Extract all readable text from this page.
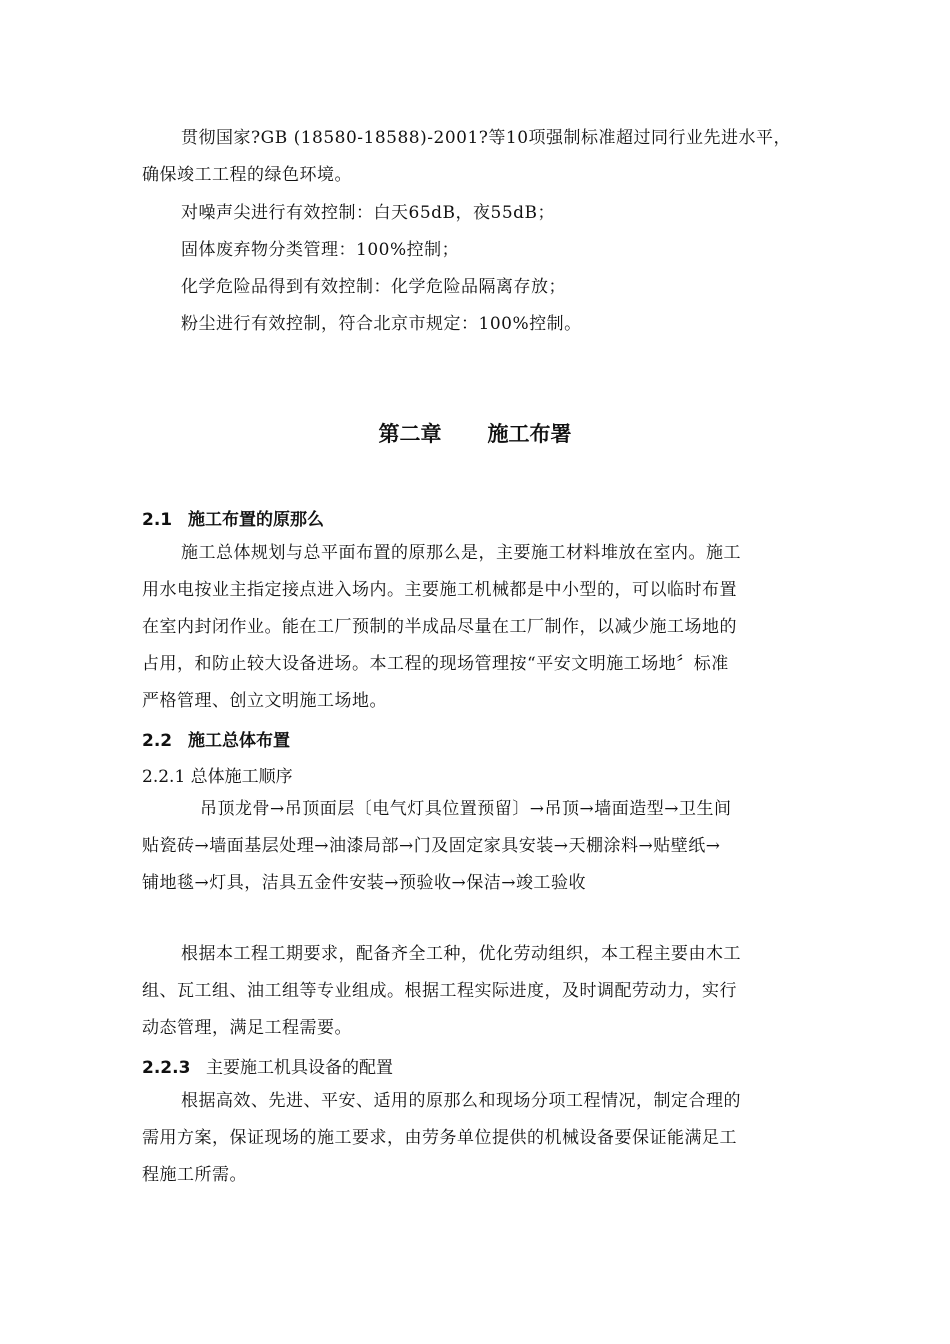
贯彻国家?GB (18580-18588)-2001?等10项强制标准超过同行业先进水平，
确保竣工工程的绿色环境。
对噪声尖进行有效控制：白天65dB，夜55dB；
固体废弃物分类管理：100%控制；
化学危险品得到有效控制：化学危险品隔离存放；
粉尘进行有效控制，符合北京市规定：100%控制。
第二章 施工布署
2.1 施工布置的原那么
施工总体规划与总平面布置的原那么是，主要施工材料堆放在室内。施工
用水电按业主指定接点进入场内。主要施工机械都是中小型的，可以临时布置
在室内封闭作业。能在工厂预制的半成品尽量在工厂制作，以减少施工场地的
占用，和防止较大设备进场。本工程的现场管理按“平安文明施工场地〞标准
严格管理、创立文明施工场地。
2.2 施工总体布置
2.2.1 总体施工顺序
吊顶龙骨→吊顶面层〔电气灯具位置预留〕→吊顶→墙面造型→卫生间
贴瓷砖→墙面基层处理→油漆局部→门及固定家具安装→天棚涂料→贴壁纸→
铺地毯→灯具，洁具五金件安装→预验收→保洁→竣工验收
根据本工程工期要求，配备齐全工种，优化劳动组织，本工程主要由木工
组、瓦工组、油工组等专业组成。根据工程实际进度，及时调配劳动力，实行
动态管理，满足工程需要。
2.2.3 主要施工机具设备的配置
根据高效、先进、平安、适用的原那么和现场分项工程情况，制定合理的
需用方案，保证现场的施工要求，由劳务单位提供的机械设备要保证能满足工
程施工所需。
